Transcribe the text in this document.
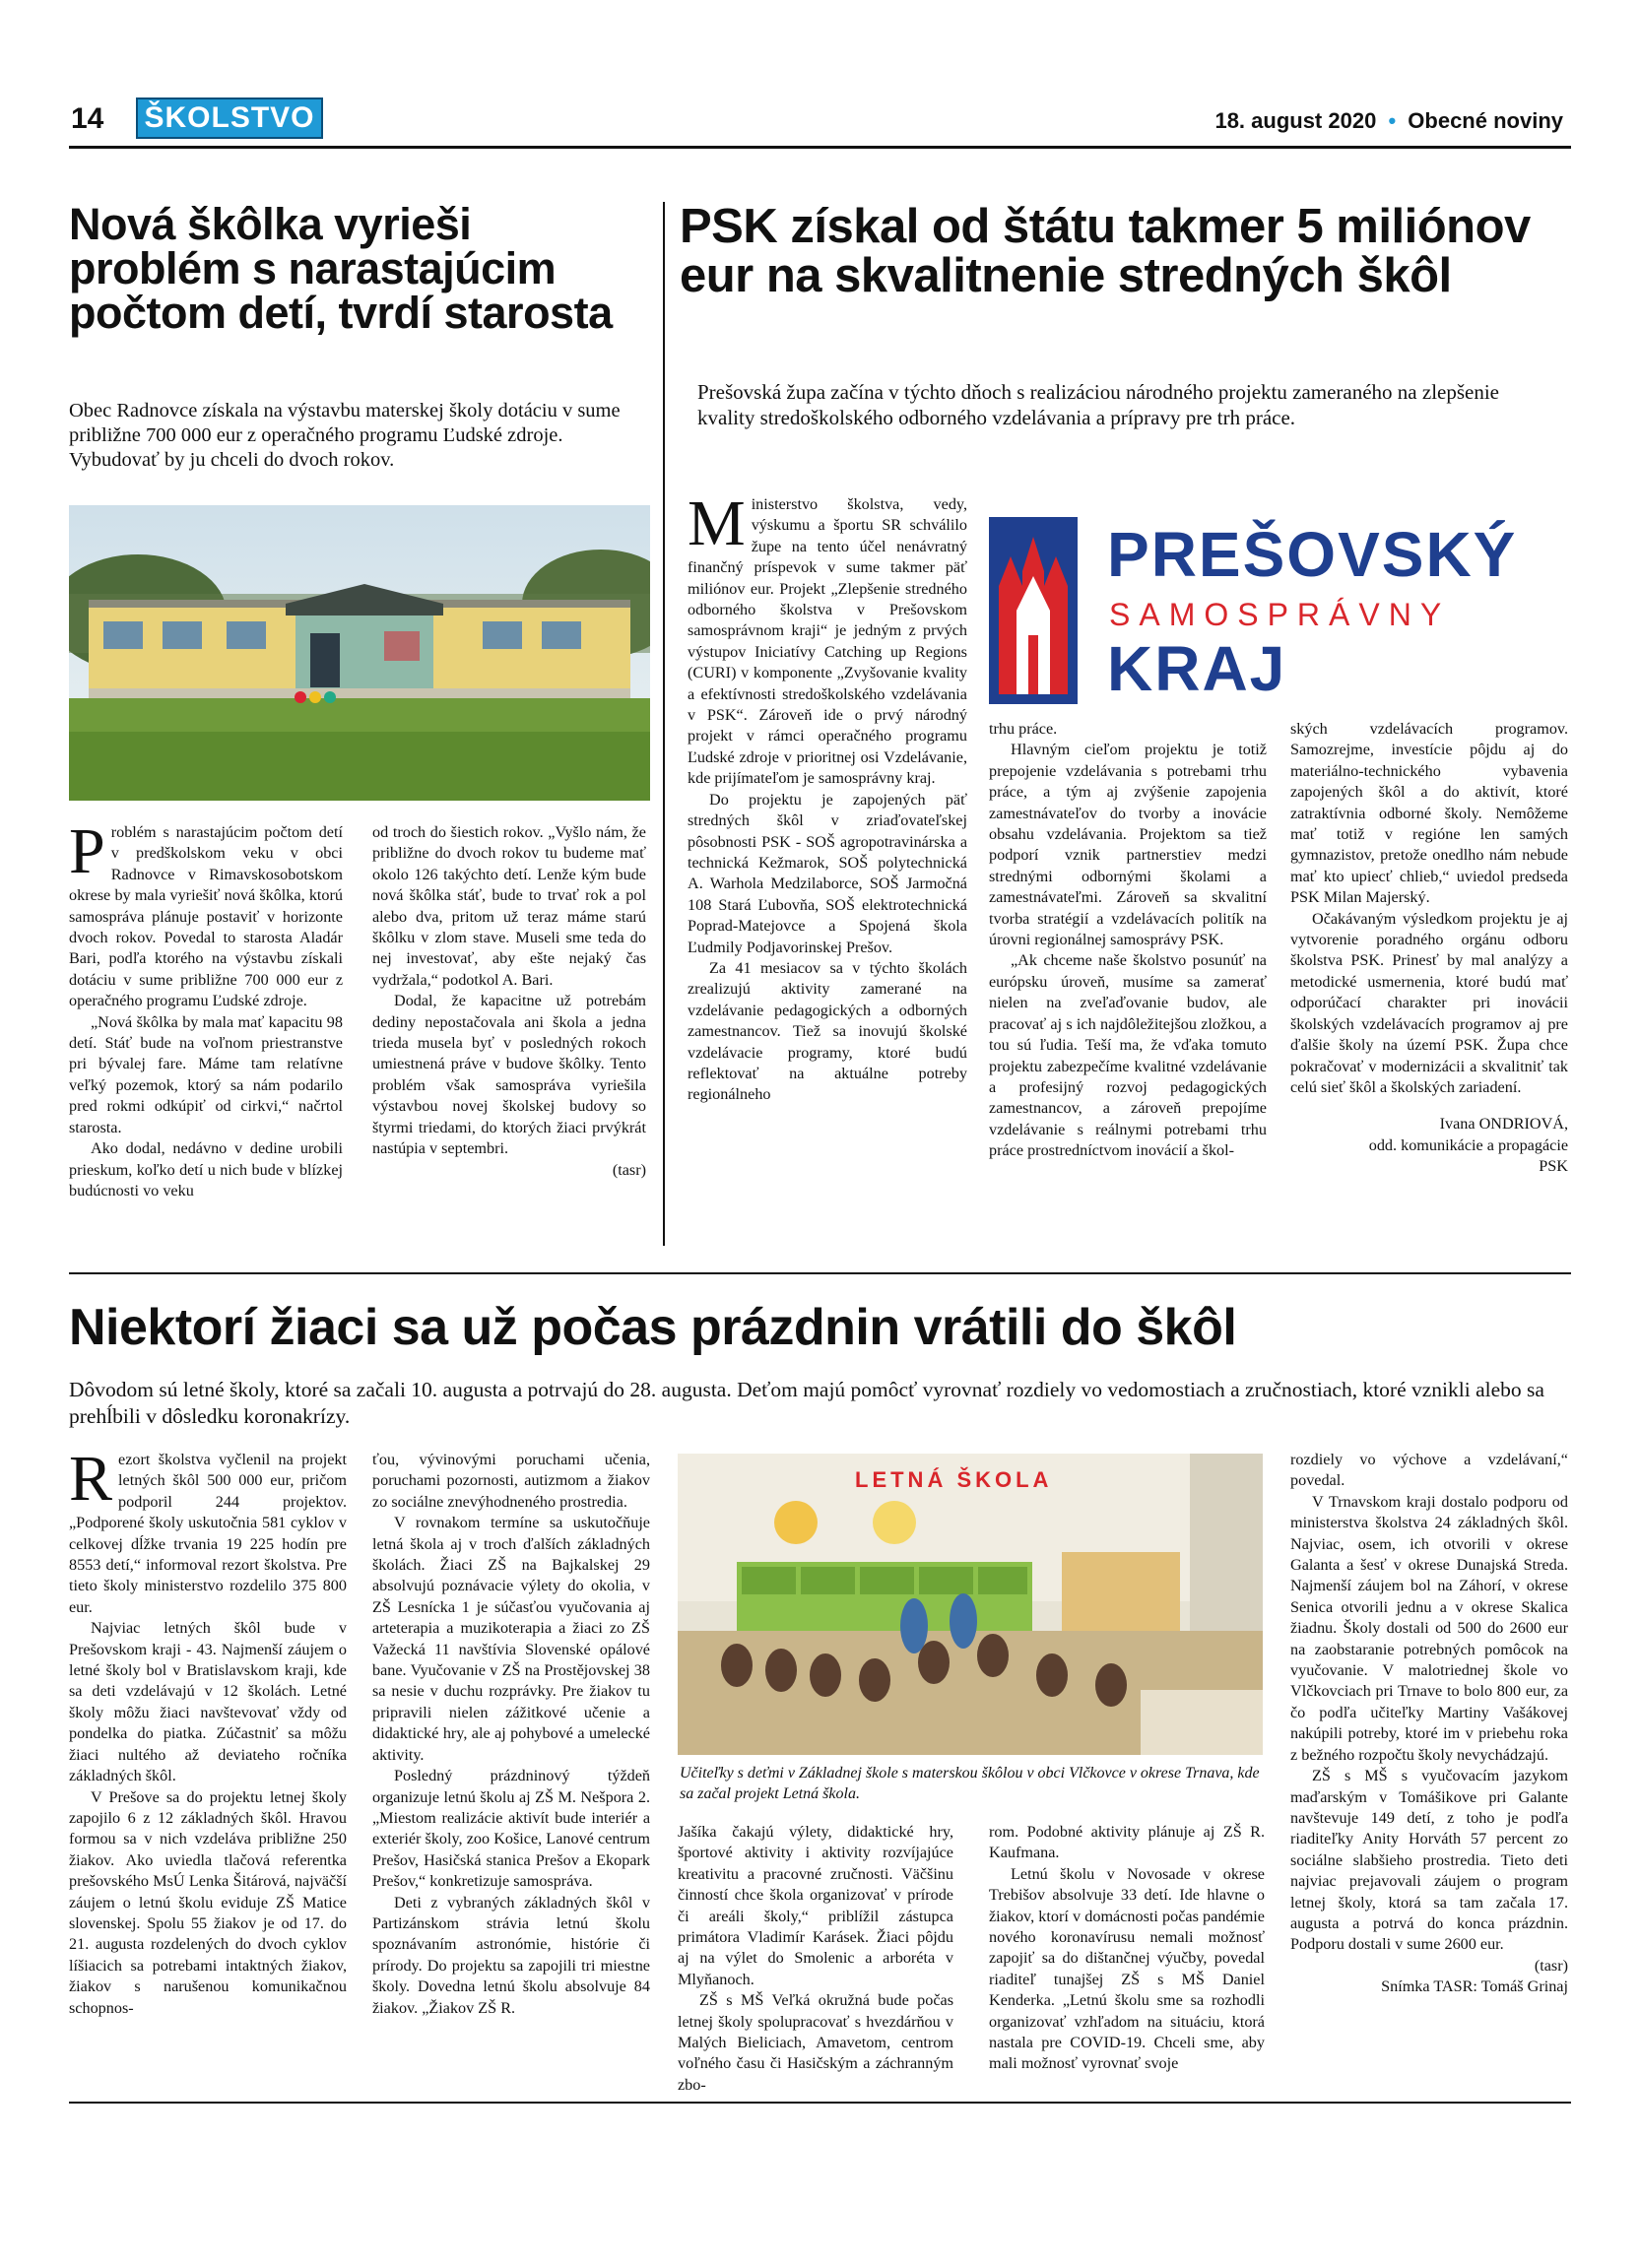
14 ŠKOLSTVO	18. august 2020 • Obecné noviny
Nová škôlka vyrieši problém s narastajúcim počtom detí, tvrdí starosta
Obec Radnovce získala na výstavbu materskej školy dotáciu v sume približne 700 000 eur z operačného programu Ľudské zdroje. Vybudovať by ju chceli do dvoch rokov.

Problém s narastajúcim počtom detí v predškolskom veku v obci Radnovce v Rimavskosobotskom okrese by mala vyriešiť nová škôlka, ktorú samospráva plánuje postaviť v horizonte dvoch rokov. Povedal to starosta Aladár Bari, podľa ktorého na výstavbu získali dotáciu v sume približne 700 000 eur z operačného programu Ľudské zdroje.

„Nová škôlka by mala mať kapacitu 98 detí. Stáť bude na voľnom priestranstve pri bývalej fare. Máme tam relatívne veľký pozemok, ktorý sa nám podarilo pred rokmi odkúpiť od cirkvi,“ načrtol starosta.

Ako dodal, nedávno v dedine urobili prieskum, koľko detí u nich bude v blízkej budúcnosti vo veku

od troch do šiestich rokov. „Vyšlo nám, že približne do dvoch rokov tu budeme mať okolo 126 takýchto detí. Lenže kým bude nová škôlka stáť, bude to trvať rok a pol alebo dva, pritom už teraz máme starú škôlku v zlom stave. Museli sme teda do nej investovať, aby ešte nejaký čas vydržala,“ podotkol A. Bari.

Dodal, že kapacitne už potrebám dediny nepostačovala ani škola a jedna trieda musela byť v posledných rokoch umiestnená práve v budove škôlky. Tento problém však samospráva vyriešila výstavbou novej školskej budovy so štyrmi triedami, do ktorých žiaci prvýkrát nastúpia v septembri.

(tasr)

PSK získal od štátu takmer 5 miliónov eur na skvalitnenie stredných škôl
Prešovská župa začína v týchto dňoch s realizáciou národného projektu zameraného na zlepšenie kvality stredoškolského odborného vzdelávania a prípravy pre trh práce.
PREŠOVSKÝ
SAMOSPRÁVNY
KRAJ

Ministerstvo školstva, vedy, výskumu a športu SR schválilo župe na tento účel nenávratný finančný príspevok v sume takmer päť miliónov eur. Projekt „Zlepšenie stredného odborného školstva v Prešovskom samosprávnom kraji“ je jedným z prvých výstupov Iniciatívy Catching up Regions (CURI) v komponente „Zvyšovanie kvality a efektívnosti stredoškolského vzdelávania v PSK“. Zároveň ide o prvý národný projekt v rámci operačného programu Ľudské zdroje v prioritnej osi Vzdelávanie, kde prijímateľom je samosprávny kraj.

Do projektu je zapojených päť stredných škôl v zriaďovateľskej pôsobnosti PSK - SOŠ agropotravinárska a technická Kežmarok, SOŠ polytechnická A. Warhola Medzilaborce, SOŠ Jarmočná 108 Stará Ľubovňa, SOŠ elektrotechnická Poprad-Matejovce a Spojená škola Ľudmily Podjavorinskej Prešov.

Za 41 mesiacov sa v týchto školách zrealizujú aktivity zamerané na vzdelávanie pedagogických a odborných zamestnancov. Tiež sa inovujú školské vzdelávacie programy, ktoré budú reflektovať na aktuálne potreby regionálneho

trhu práce.

Hlavným cieľom projektu je totiž prepojenie vzdelávania s potrebami trhu práce, a tým aj zvýšenie zapojenia zamestnávateľov do tvorby a inovácie obsahu vzdelávania. Projektom sa tiež podporí vznik partnerstiev medzi strednými odbornými školami a zamestnávateľmi. Zároveň sa skvalitní tvorba stratégií a vzdelávacích politík na úrovni regionálnej samosprávy PSK.

„Ak chceme naše školstvo posunúť na európsku úroveň, musíme sa zamerať nielen na zveľaďovanie budov, ale pracovať aj s ich najdôležitejšou zložkou, a tou sú ľudia. Teší ma, že vďaka tomuto projektu zabezpečíme kvalitné vzdelávanie a profesijný rozvoj pedagogických zamestnancov, a zároveň prepojíme vzdelávanie s reálnymi potrebami trhu práce prostredníctvom inovácií a škol-

ských vzdelávacích programov. Samozrejme, investície pôjdu aj do materiálno-technického vybavenia zapojených škôl a do aktivít, ktoré zatraktívnia odborné školy. Nemôžeme mať totiž v regióne len samých gymnazistov, pretože onedlho nám nebude mať kto upiecť chlieb,“ uviedol predseda PSK Milan Majerský.

Očakávaným výsledkom projektu je aj vytvorenie poradného orgánu odboru školstva PSK. Prinesť by mal analýzy a metodické usmernenia, ktoré budú mať odporúčací charakter pri inovácii školských vzdelávacích programov aj pre ďalšie školy na území PSK. Župa chce pokračovať v modernizácii a skvalitniť tak celú sieť škôl a školských zariadení.

Ivana ONDRIOVÁ,

odd. komunikácie a propagácie

PSK

Niektorí žiaci sa už počas prázdnin vrátili do škôl
Dôvodom sú letné školy, ktoré sa začali 10. augusta a potrvajú do 28. augusta. Deťom majú pomôcť vyrovnať rozdiely vo vedomostiach a zručnostiach, ktoré vznikli alebo sa prehĺbili v dôsledku koronakrízy.

Rezort školstva vyčlenil na projekt letných škôl 500 000 eur, pričom podporil 244 projektov. „Podporené školy uskutočnia 581 cyklov v celkovej dĺžke trvania 19 225 hodín pre 8553 detí,“ informoval rezort školstva. Pre tieto školy ministerstvo rozdelilo 375 800 eur.

Najviac letných škôl bude v Prešovskom kraji - 43. Najmenší záujem o letné školy bol v Bratislavskom kraji, kde sa deti vzdelávajú v 12 školách. Letné školy môžu žiaci navštevovať vždy od pondelka do piatka. Zúčastniť sa môžu žiaci nultého až deviateho ročníka základných škôl.

V Prešove sa do projektu letnej školy zapojilo 6 z 12 základných škôl. Hravou formou sa v nich vzdeláva približne 250 žiakov. Ako uviedla tlačová referentka prešovského MsÚ Lenka Šitárová, najväčší záujem o letnú školu eviduje ZŠ Matice slovenskej. Spolu 55 žiakov je od 17. do 21. augusta rozdelených do dvoch cyklov líšiacich sa potrebami intaktných žiakov, žiakov s narušenou komunikačnou schopnos-

ťou, vývinovými poruchami učenia, poruchami pozornosti, autizmom a žiakov zo sociálne znevýhodneného prostredia.

V rovnakom termíne sa uskutočňuje letná škola aj v troch ďalších základných školách. Žiaci ZŠ na Bajkalskej 29 absolvujú poznávacie výlety do okolia, v ZŠ Lesnícka 1 je súčasťou vyučovania aj arteterapia a muzikoterapia a žiaci zo ZŠ Važecká 11 navštívia Slovenské opálové bane. Vyučovanie v ZŠ na Prostějovskej 38 sa nesie v duchu rozprávky. Pre žiakov tu pripravili nielen zážitkové učenie a didaktické hry, ale aj pohybové a umelecké aktivity.

Posledný prázdninový týždeň organizuje letnú školu aj ZŠ M. Nešpora 2. „Miestom realizácie aktivít bude interiér a exteriér školy, zoo Košice, Lanové centrum Prešov, Hasičská stanica Prešov a Ekopark Prešov,“ konkretizuje samospráva.

Deti z vybraných základných škôl v Partizánskom strávia letnú školu spoznávaním astronómie, histórie či prírody. Do projektu sa zapojili tri miestne školy. Dovedna letnú školu absolvuje 84 žiakov. „Žiakov ZŠ R.

LETNÁ ŠKOLA
Učiteľky s deťmi v Základnej škole s materskou škôlou v obci Vlčkovce v okrese Trnava, kde sa začal projekt Letná škola.

Jašíka čakajú výlety, didaktické hry, športové aktivity i aktivity rozvíjajúce kreativitu a pracovné zručnosti. Väčšinu činností chce škola organizovať v prírode či areáli školy,“ priblížil zástupca primátora Vladimír Karásek. Žiaci pôjdu aj na výlet do Smolenic a arboréta v Mlyňanoch.

ZŠ s MŠ Veľká okružná bude počas letnej školy spolupracovať s hvezdárňou v Malých Bieliciach, Amavetom, centrom voľného času či Hasičským a záchranným zbo-

rom. Podobné aktivity plánuje aj ZŠ R. Kaufmana.

Letnú školu v Novosade v okrese Trebišov absolvuje 33 detí. Ide hlavne o žiakov, ktorí v domácnosti počas pandémie nového koronavírusu nemali možnosť zapojiť sa do dištančnej výučby, povedal riaditeľ tunajšej ZŠ s MŠ Daniel Kenderka. „Letnú školu sme sa rozhodli organizovať vzhľadom na situáciu, ktorá nastala pre COVID-19. Chceli sme, aby mali možnosť vyrovnať svoje

rozdiely vo výchove a vzdelávaní,“ povedal.

V Trnavskom kraji dostalo podporu od ministerstva školstva 24 základných škôl. Najviac, osem, ich otvorili v okrese Galanta a šesť v okrese Dunajská Streda. Najmenší záujem bol na Záhorí, v okrese Senica otvorili jednu a v okrese Skalica žiadnu. Školy dostali od 500 do 2600 eur na zaobstaranie potrebných pomôcok na vyučovanie. V malotriednej škole vo Vlčkovciach pri Trnave to bolo 800 eur, za čo podľa učiteľky Martiny Vašákovej nakúpili potreby, ktoré im v priebehu roka z bežného rozpočtu školy nevychádzajú.

ZŠ s MŠ s vyučovacím jazykom maďarským v Tomášikove pri Galante navštevuje 149 detí, z toho je podľa riaditeľky Anity Horváth 57 percent zo sociálne slabšieho prostredia. Tieto deti najviac prejavovali záujem o program letnej školy, ktorá sa tam začala 17. augusta a potrvá do konca prázdnin. Podporu dostali v sume 2600 eur.

(tasr)

Snímka TASR: Tomáš Grinaj
